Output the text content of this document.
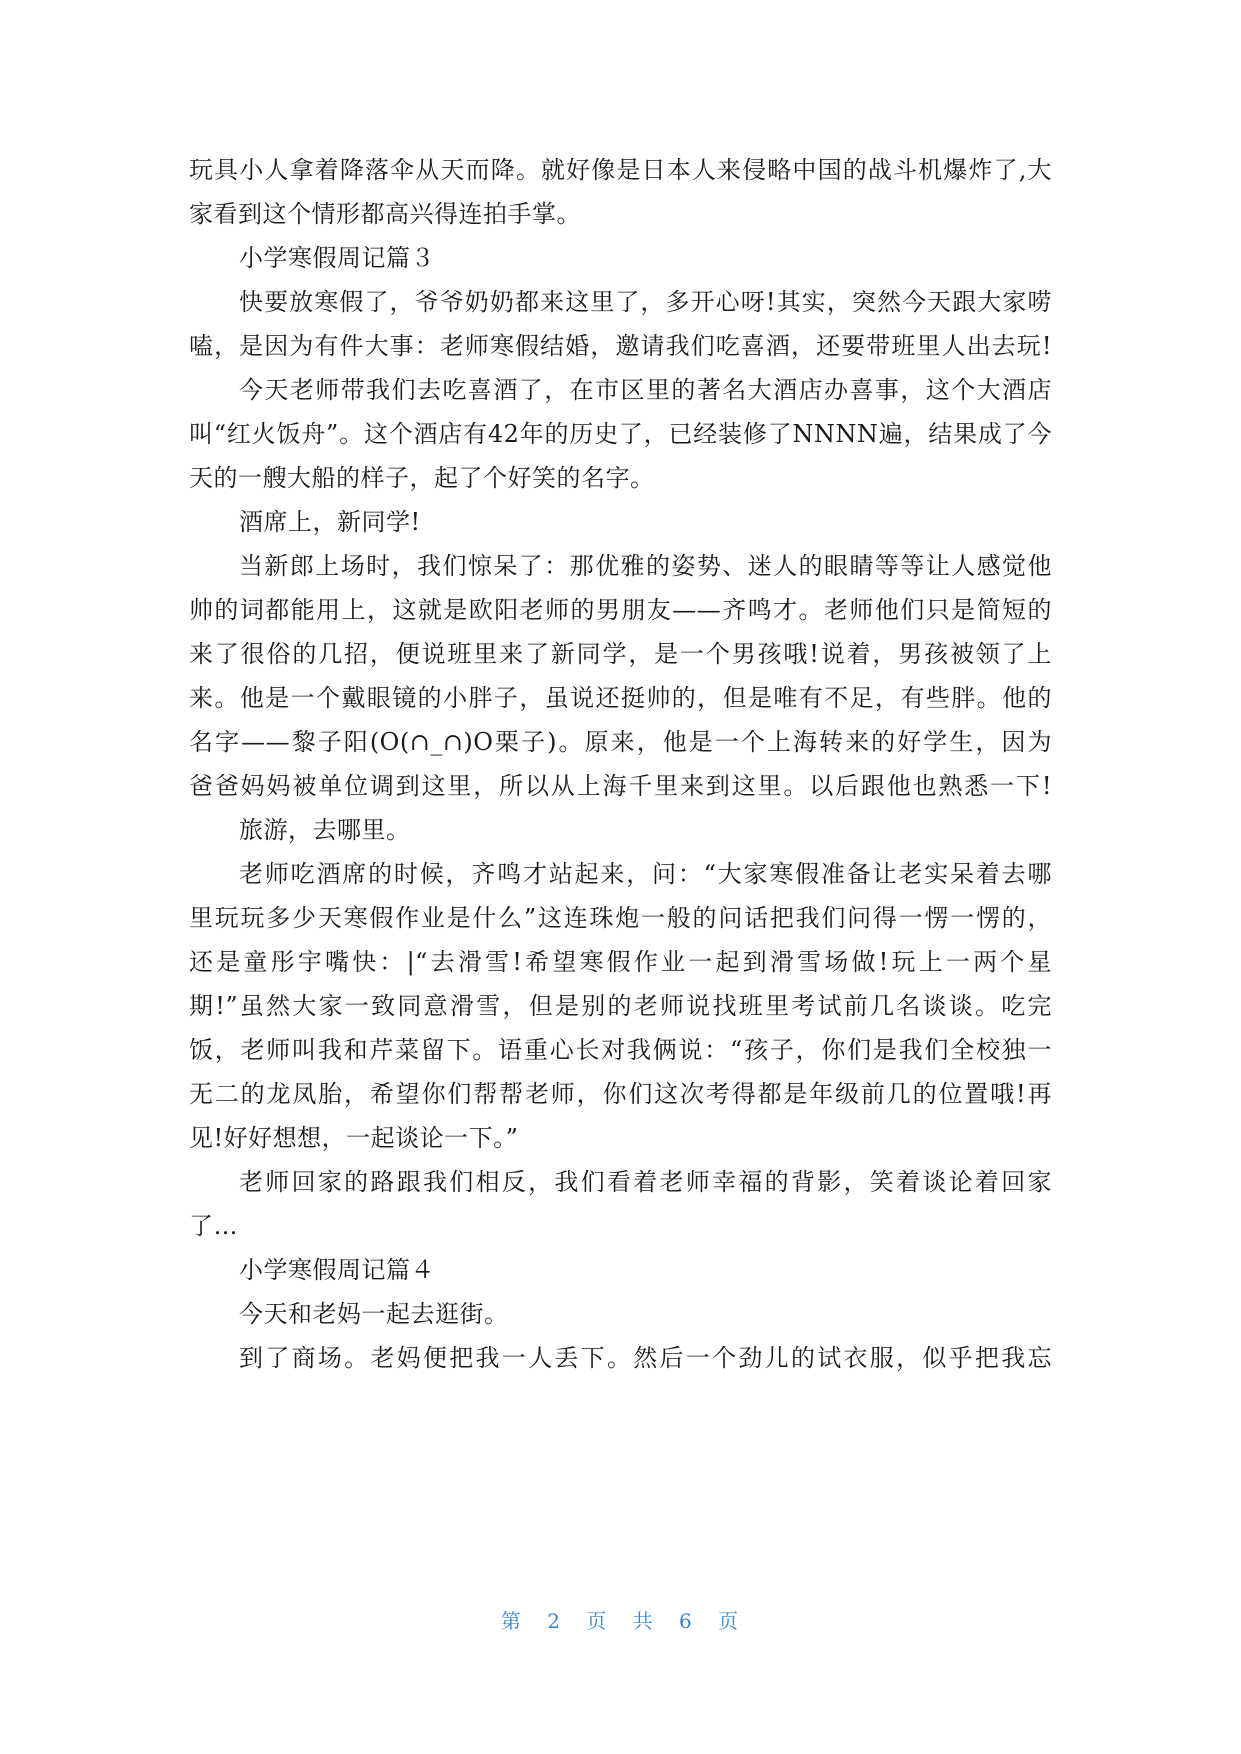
玩具小人拿着降落伞从天而降。就好像是日本人来侵略中国的战斗机爆炸了,大
家看到这个情形都高兴得连拍手掌。
小学寒假周记篇３
快要放寒假了，爷爷奶奶都来这里了，多开心呀!其实，突然今天跟大家唠
嗑，是因为有件大事：老师寒假结婚，邀请我们吃喜酒，还要带班里人出去玩!
今天老师带我们去吃喜酒了，在市区里的著名大酒店办喜事，这个大酒店
叫“红火饭舟”。这个酒店有42年的历史了，已经装修了NNNN遍，结果成了今
天的一艘大船的样子，起了个好笑的名字。
酒席上，新同学!
当新郎上场时，我们惊呆了：那优雅的姿势、迷人的眼睛等等让人感觉他
帅的词都能用上，这就是欧阳老师的男朋友——齐鸣才。老师他们只是简短的
来了很俗的几招，便说班里来了新同学，是一个男孩哦!说着，男孩被领了上
来。他是一个戴眼镜的小胖子，虽说还挺帅的，但是唯有不足，有些胖。他的
名字——黎子阳(O(∩_∩)O栗子)。原来，他是一个上海转来的好学生，因为
爸爸妈妈被单位调到这里，所以从上海千里来到这里。以后跟他也熟悉一下!
旅游，去哪里。
老师吃酒席的时候，齐鸣才站起来，问：“大家寒假准备让老实呆着去哪
里玩玩多少天寒假作业是什么”这连珠炮一般的问话把我们问得一愣一愣的，
还是童彤宇嘴快：|“去滑雪!希望寒假作业一起到滑雪场做!玩上一两个星
期!”虽然大家一致同意滑雪，但是别的老师说找班里考试前几名谈谈。吃完
饭，老师叫我和芹菜留下。语重心长对我俩说：“孩子，你们是我们全校独一
无二的龙凤胎，希望你们帮帮老师，你们这次考得都是年级前几的位置哦!再
见!好好想想，一起谈论一下。”
老师回家的路跟我们相反，我们看着老师幸福的背影，笑着谈论着回家
了…
小学寒假周记篇４
今天和老妈一起去逛街。
到了商场。老妈便把我一人丢下。然后一个劲儿的试衣服，似乎把我忘
第 2 页 共 6 页
